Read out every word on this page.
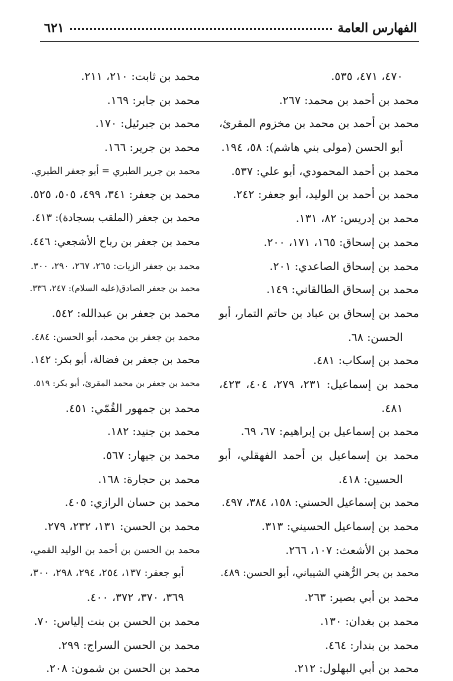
الفهارس العامة
٦٢١
٤٧٠، ٤٧١، ٥٣٥.
محمد بن أحمد بن محمد: ٢٦٧.
محمد بن أحمد بن محمد بن مخزوم المقرئ،
أبو الحسن (مولى بني هاشم): ٥٨، ١٩٤.
محمد بن أحمد المحمودي، أبو علي: ٥٣٧.
محمد بن أحمد بن الوليد، أبو جعفر: ٢٤٢.
محمد بن إدريس: ٨٢، ١٣١.
محمد بن إسحاق: ١٦٥، ١٧١، ٢٠٠.
محمد بن إسحاق الصاعدي: ٢٠١.
محمد بن إسحاق الطالقاني: ١٤٩.
محمد بن إسحاق بن عباد بن حاتم التمار، أبو
الحسن: ٦٨.
محمد بن إسكاب: ٤٨١.
محمد بن إسماعيل: ٢٣١، ٢٧٩، ٤٠٤، ٤٢٣،
٤٨١.
محمد بن إسماعيل بن إبراهيم: ٦٧، ٦٩.
محمد بن إسماعيل بن أحمد الفهقلي، أبو
الحسين: ٤١٨.
محمد بن إسماعيل الحسني: ١٥٨، ٣٨٤، ٤٩٧.
محمد بن إسماعيل الحسيني: ٣١٣.
محمد بن الأشعث: ١٠٧، ٢٦٦.
محمد بن بحر الرُّهني الشيباني، أبو الحسن: ٤٨٩.
محمد بن أبي بصير: ٢٦٣.
محمد بن بغدان: ١٣٠.
محمد بن بندار: ٤٦٤.
محمد بن أبي البهلول: ٢١٢.
محمد بن ثابت: ٢١٠، ٢١١.
محمد بن جابر: ١٦٩.
محمد بن جبرئيل: ١٧٠.
محمد بن جرير: ١٦٦.
محمد بن جرير الطبري = أبو جعفر الطبري.
محمد بن جعفر: ٣٤١، ٤٩٩، ٥٠٥، ٥٢٥.
محمد بن جعفر (الملقب بسجادة): ٤١٣.
محمد بن جعفر بن رباح الأشجعي: ٤٤٦.
محمد بن جعفر الزيات: ٢٦٥، ٢٦٧، ٢٩٠، ٣٠٠.
محمد بن جعفر الصادق(عليه السلام): ٢٤٧، ٣٣٦.
محمد بن جعفر بن عبدالله: ٥٤٢.
محمد بن جعفر بن محمد، أبو الحسن: ٤٨٤.
محمد بن جعفر بن فضالة، أبو بكر: ١٤٢.
محمد بن جعفر بن محمد المقرئ، أبو بكر: ٥١٩.
محمد بن جمهور القُمّي: ٤٥١.
محمد بن جنيد: ١٨٢.
محمد بن جيهار: ٥٦٧.
محمد بن حجارة: ١٦٨.
محمد بن حسان الرازي: ٤٠٥.
محمد بن الحسن: ١٣١، ٢٣٢، ٢٧٩.
محمد بن الحسن بن أحمد بن الوليد القمي،
أبو جعفر: ١٣٧، ٢٥٤، ٢٩٤، ٢٩٨، ٣٠٠،
٣٦٩، ٣٧٠، ٣٧٢، ٤٠٠.
محمد بن الحسن بن بنت إلياس: ٧٠.
محمد بن الحسن السراج: ٢٩٩.
محمد بن الحسن بن شمون: ٢٠٨.
